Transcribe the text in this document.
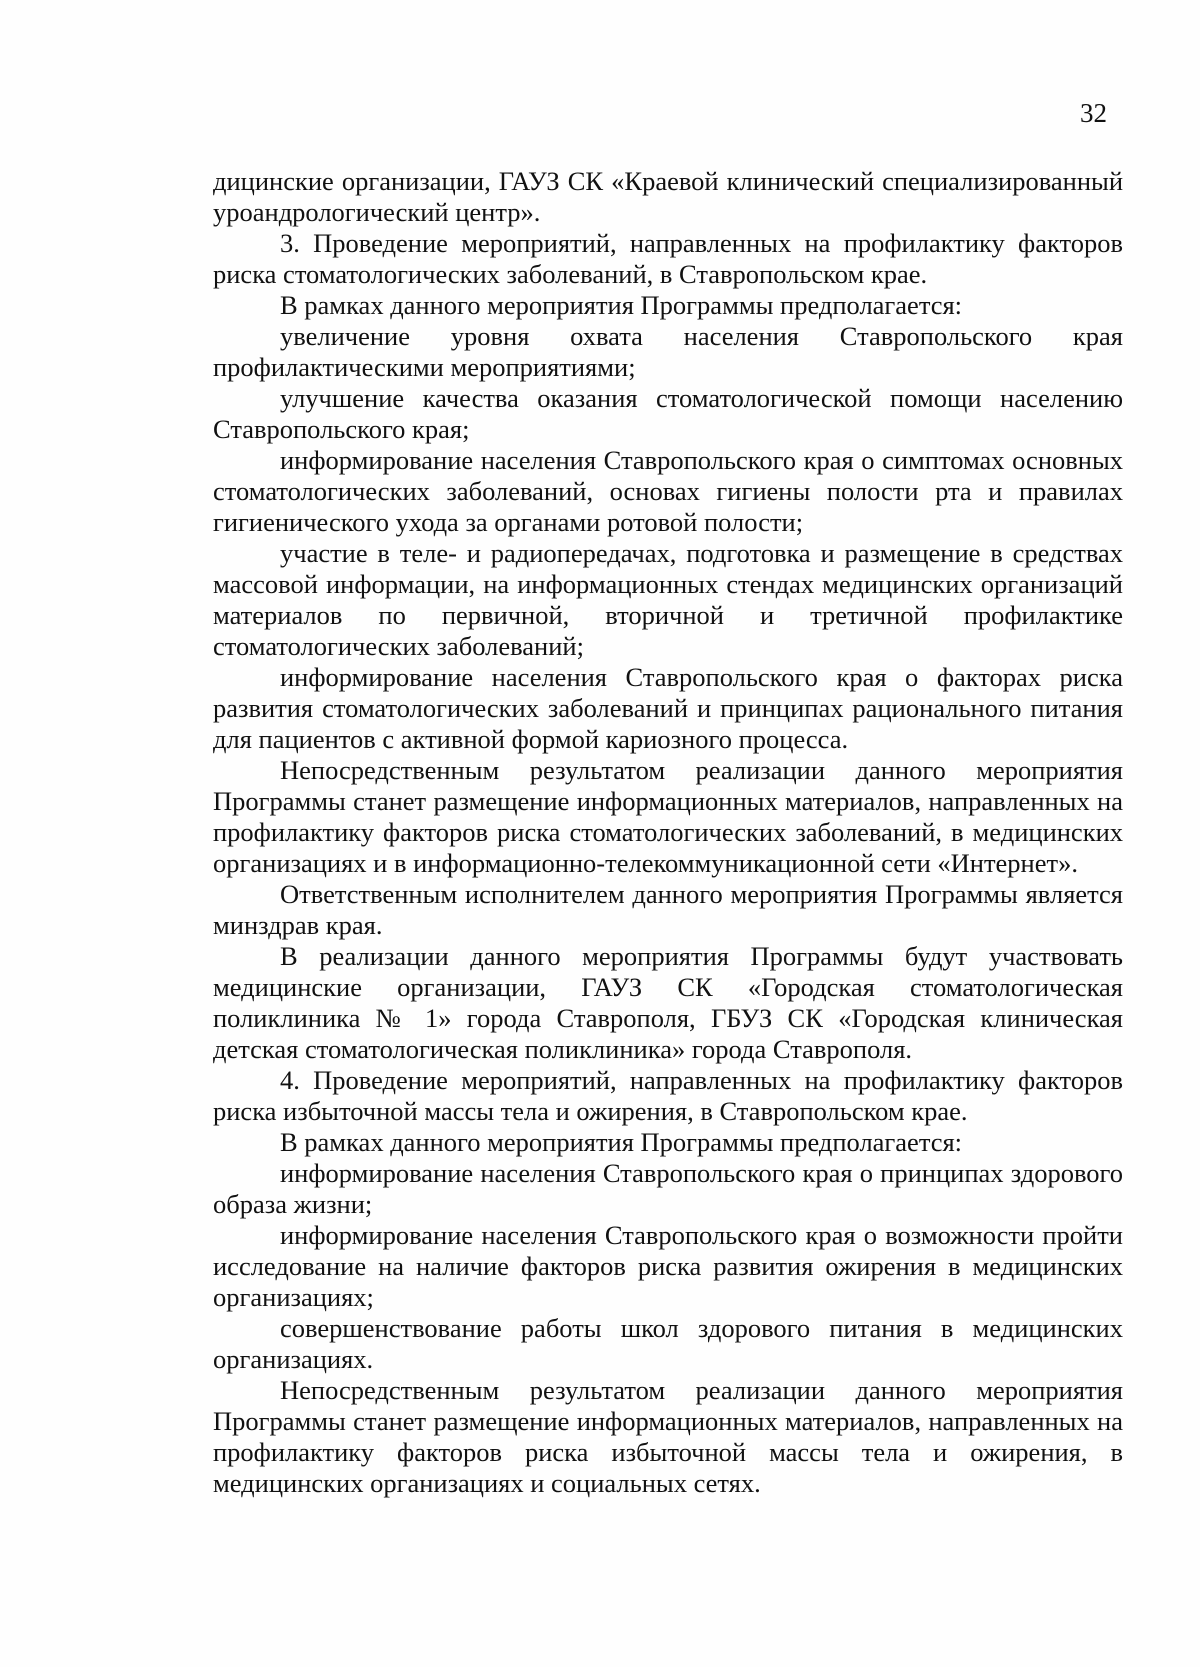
32

дицинские организации, ГАУЗ СК «Краевой клинический специализированный уроандрологический центр».

3. Проведение мероприятий, направленных на профилактику факторов риска стоматологических заболеваний, в Ставропольском крае.

В рамках данного мероприятия Программы предполагается:

увеличение уровня охвата населения Ставропольского края профилактическими мероприятиями;

улучшение качества оказания стоматологической помощи населению Ставропольского края;

информирование населения Ставропольского края о симптомах основных стоматологических заболеваний, основах гигиены полости рта и правилах гигиенического ухода за органами ротовой полости;

участие в теле- и радиопередачах, подготовка и размещение в средствах массовой информации, на информационных стендах медицинских организаций материалов по первичной, вторичной и третичной профилактике стоматологических заболеваний;

информирование населения Ставропольского края о факторах риска развития стоматологических заболеваний и принципах рационального питания для пациентов с активной формой кариозного процесса.

Непосредственным результатом реализации данного мероприятия Программы станет размещение информационных материалов, направленных на профилактику факторов риска стоматологических заболеваний, в медицинских организациях и в информационно-телекоммуникационной сети «Интернет».

Ответственным исполнителем данного мероприятия Программы является минздрав края.

В реализации данного мероприятия Программы будут участвовать медицинские организации, ГАУЗ СК «Городская стоматологическая поликлиника № 1» города Ставрополя, ГБУЗ СК «Городская клиническая детская стоматологическая поликлиника» города Ставрополя.

4. Проведение мероприятий, направленных на профилактику факторов риска избыточной массы тела и ожирения, в Ставропольском крае.

В рамках данного мероприятия Программы предполагается:

информирование населения Ставропольского края о принципах здорового образа жизни;

информирование населения Ставропольского края о возможности пройти исследование на наличие факторов риска развития ожирения в медицинских организациях;

совершенствование работы школ здорового питания в медицинских организациях.

Непосредственным результатом реализации данного мероприятия Программы станет размещение информационных материалов, направленных на профилактику факторов риска избыточной массы тела и ожирения, в медицинских организациях и социальных сетях.
